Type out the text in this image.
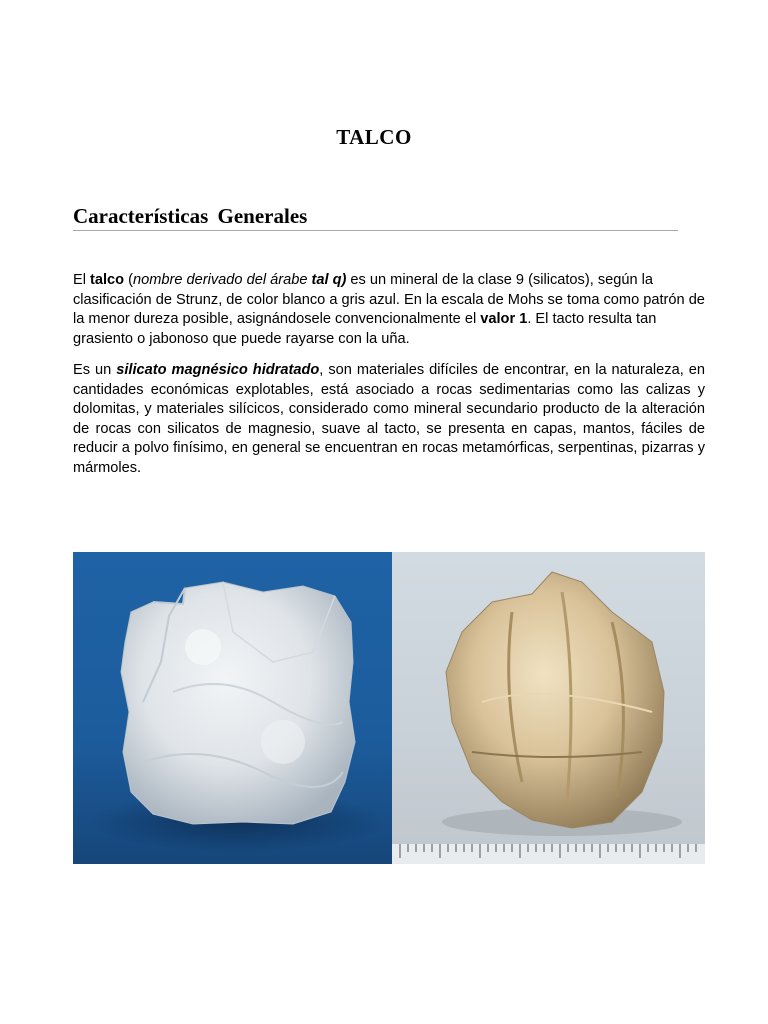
TALCO
Características Generales

El talco (nombre derivado del árabe tal q) es un mineral de la clase 9 (silicatos), según la clasificación de Strunz, de color blanco a gris azul. En la escala de Mohs se toma como patrón de la menor dureza posible, asignándosele convencionalmente el valor 1. El tacto resulta tan grasiento o jabonoso que puede rayarse con la uña.

Es un silicato magnésico hidratado, son materiales difíciles de encontrar, en la naturaleza, en cantidades económicas explotables, está asociado a rocas sedimentarias como las calizas y dolomitas, y materiales silícicos, considerado como mineral secundario producto de la alteración de rocas con silicatos de magnesio, suave al tacto, se presenta en capas, mantos, fáciles de reducir a polvo finísimo, en general se encuentran en rocas metamórficas, serpentinas, pizarras y mármoles.
